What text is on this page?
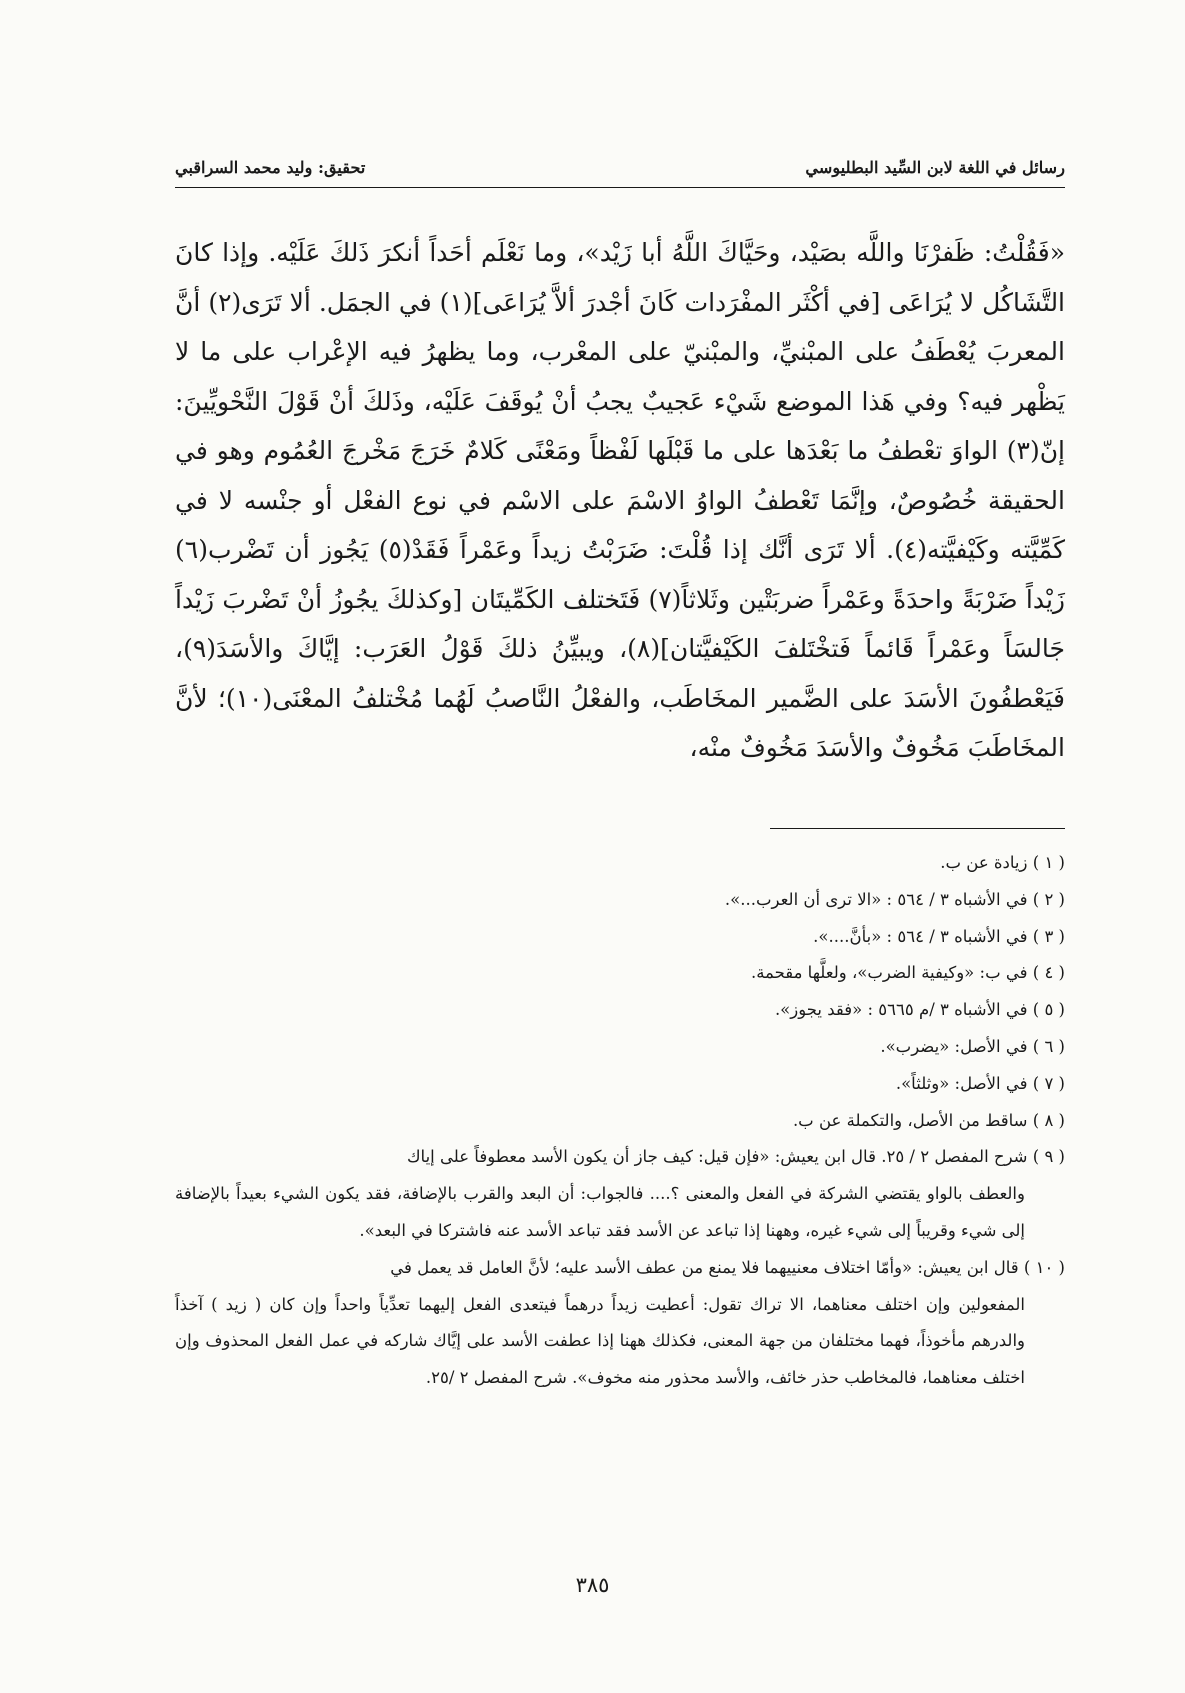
رسائل في اللغة لابن السِّيد البطليوسي
تحقيق: وليد محمد السراقبي

«فَقُلْتُ: ظَفرْنَا واللَّه بصَيْد، وحَيَّاكَ اللَّهُ أبا زَيْد»، وما نَعْلَم أحَداً أنكرَ ذَلكَ عَلَيْه. وإذا كانَ التَّشَاكُل لا يُرَاعَى [في أكْثَر المفْرَدات كَانَ أجْدرَ ألاَّ يُرَاعَى](١) في الجمَل. ألا تَرَى(٢) أنَّ المعربَ يُعْطَفُ على المبْنيِّ، والمبْنيّ على المعْرب، وما يظهرُ فيه الإعْراب على ما لا يَظْهر فيه؟ وفي هَذا الموضع شَيْء عَجيبٌ يجبُ أنْ يُوقَفَ عَلَيْه، وذَلكَ أنْ قَوْلَ النَّحْويِّينَ: إنّ(٣) الواوَ تعْطفُ ما بَعْدَها على ما قَبْلَها لَفْظاً ومَعْنًى كَلامٌ خَرَجَ مَخْرجَ العُمُوم وهو في الحقيقة خُصُوصٌ، وإنَّمَا تَعْطفُ الواوُ الاسْمَ على الاسْم في نوع الفعْل أو جنْسه لا في كَمِّيَّته وكَيْفيَّته(٤). ألا تَرَى أنَّك إذا قُلْتَ: ضَرَبْتُ زيداً وعَمْراً فَقَدْ(٥) يَجُوز أن تَضْرب(٦) زَيْداً ضَرْبَةً واحدَةً وعَمْراً ضربَتْين وثَلاثاً(٧) فَتَختلف الكَمِّيتَان [وكذلكَ يجُوزُ أنْ تَضْربَ زَيْداً جَالسَاً وعَمْراً قَائماً فَتخْتَلفَ الكَيْفيَّتان](٨)، ويبيِّنُ ذلكَ قَوْلُ العَرَب: إيَّاكَ والأسَدَ(٩)، فَيَعْطفُونَ الأسَدَ على الضَّمير المخَاطَب، والفعْلُ النَّاصبُ لَهُما مُخْتلفُ المعْنَى(١٠)؛ لأنَّ المخَاطَبَ مَخُوفٌ والأسَدَ مَخُوفٌ منْه،

( ١ ) زيادة عن ب.

( ٢ ) في الأشباه ٣ / ٥٦٤ : «الا ترى أن العرب...».

( ٣ ) في الأشباه ٣ / ٥٦٤ : «بأنَّ....».

( ٤ ) في ب: «وكيفية الضرب»، ولعلَّها مقحمة.

( ٥ ) في الأشباه ٣ /م ٥٦٦٥ : «فقد يجوز».

( ٦ ) في الأصل: «يضرب».

( ٧ ) في الأصل: «وثلثاً».

( ٨ ) ساقط من الأصل، والتكملة عن ب.

( ٩ ) شرح المفصل ٢ / ٢٥. قال ابن يعيش: «فإن قيل: كيف جاز أن يكون الأسد معطوفاً على إياك
والعطف بالواو يقتضي الشركة في الفعل والمعنى ؟.... فالجواب: أن البعد والقرب بالإضافة، فقد يكون الشيء بعيداً بالإضافة إلى شيء وقريباً إلى شيء غيره، وههنا إذا تباعد عن الأسد فقد تباعد الأسد عنه فاشتركا في البعد».

( ١٠ ) قال ابن يعيش: «وأمّا اختلاف معنييهما فلا يمنع من عطف الأسد عليه؛ لأنَّ العامل قد يعمل في
المفعولين وإن اختلف معناهما، الا تراك تقول: أعطيت زيداً درهماً فيتعدى الفعل إليهما تعدِّياً واحداً وإن كان ( زيد ) آخذاً والدرهم مأخوذاً، فهما مختلفان من جهة المعنى، فكذلك ههنا إذا عطفت الأسد على إيَّاك شاركه في عمل الفعل المحذوف وإن اختلف معناهما، فالمخاطب حذر خائف، والأسد محذور منه مخوف». شرح المفصل ٢ /٢٥.

٣٨٥
